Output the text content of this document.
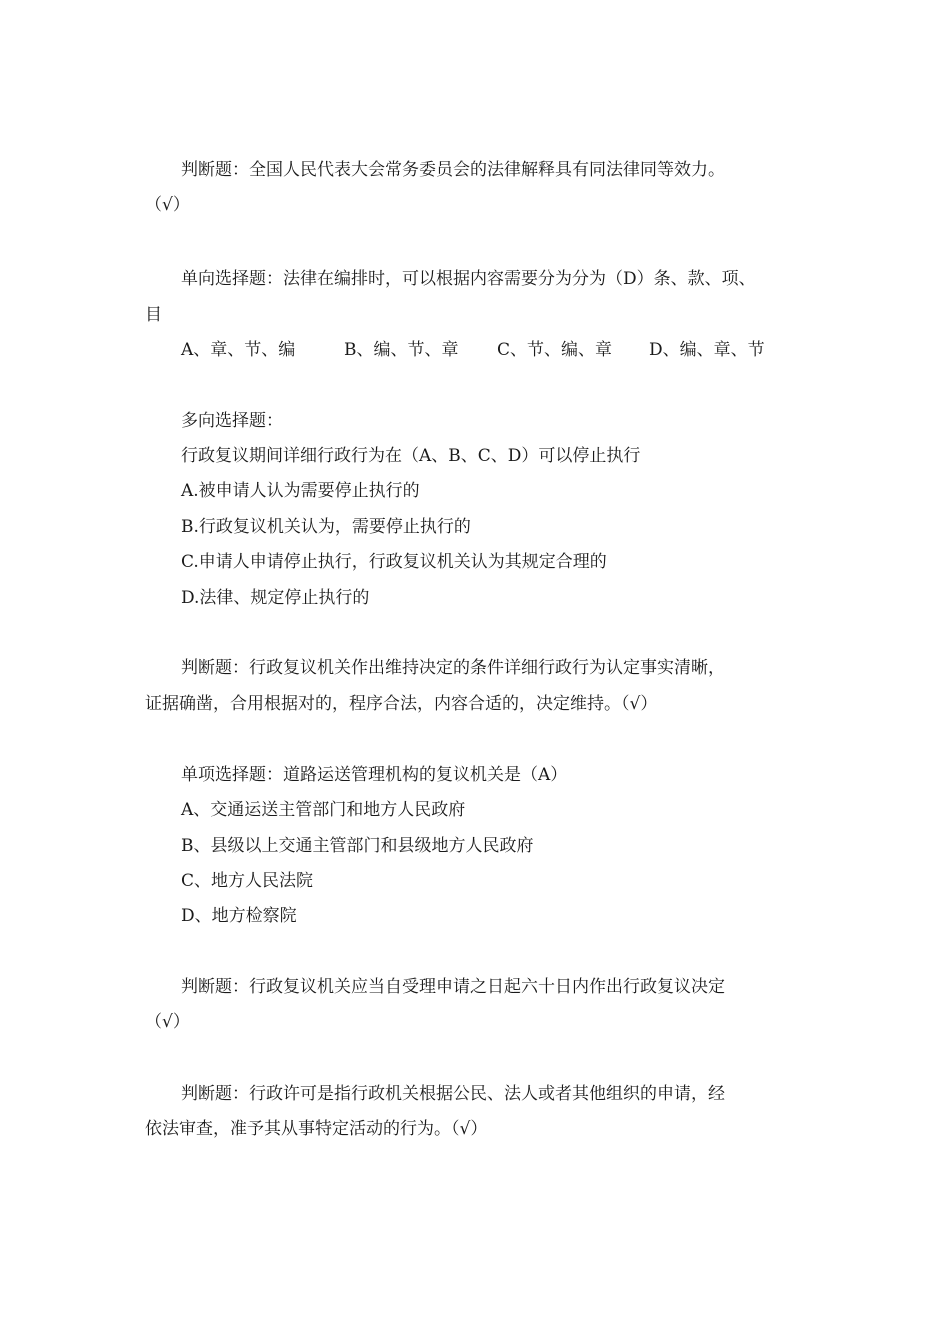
判断题：全国人民代表大会常务委员会的法律解释具有同法律同等效力。
（√）
单向选择题：法律在编排时，可以根据内容需要分为分为（D）条、款、项、
目
A、章、节、编	B、编、节、章 C、节、编、章 D、编、章、节
多向选择题：
行政复议期间详细行政行为在（A、B、C、D）可以停止执行
A.被申请人认为需要停止执行的
B.行政复议机关认为，需要停止执行的
C.申请人申请停止执行，行政复议机关认为其规定合理的
D.法律、规定停止执行的
判断题：行政复议机关作出维持决定的条件详细行政行为认定事实清晰，
证据确凿，合用根据对的，程序合法，内容合适的，决定维持。（√）
单项选择题：道路运送管理机构的复议机关是（A）
A、交通运送主管部门和地方人民政府
B、县级以上交通主管部门和县级地方人民政府
C、地方人民法院
D、地方检察院
判断题：行政复议机关应当自受理申请之日起六十日内作出行政复议决定
（√）
判断题：行政许可是指行政机关根据公民、法人或者其他组织的申请，经
依法审查，准予其从事特定活动的行为。（√）
